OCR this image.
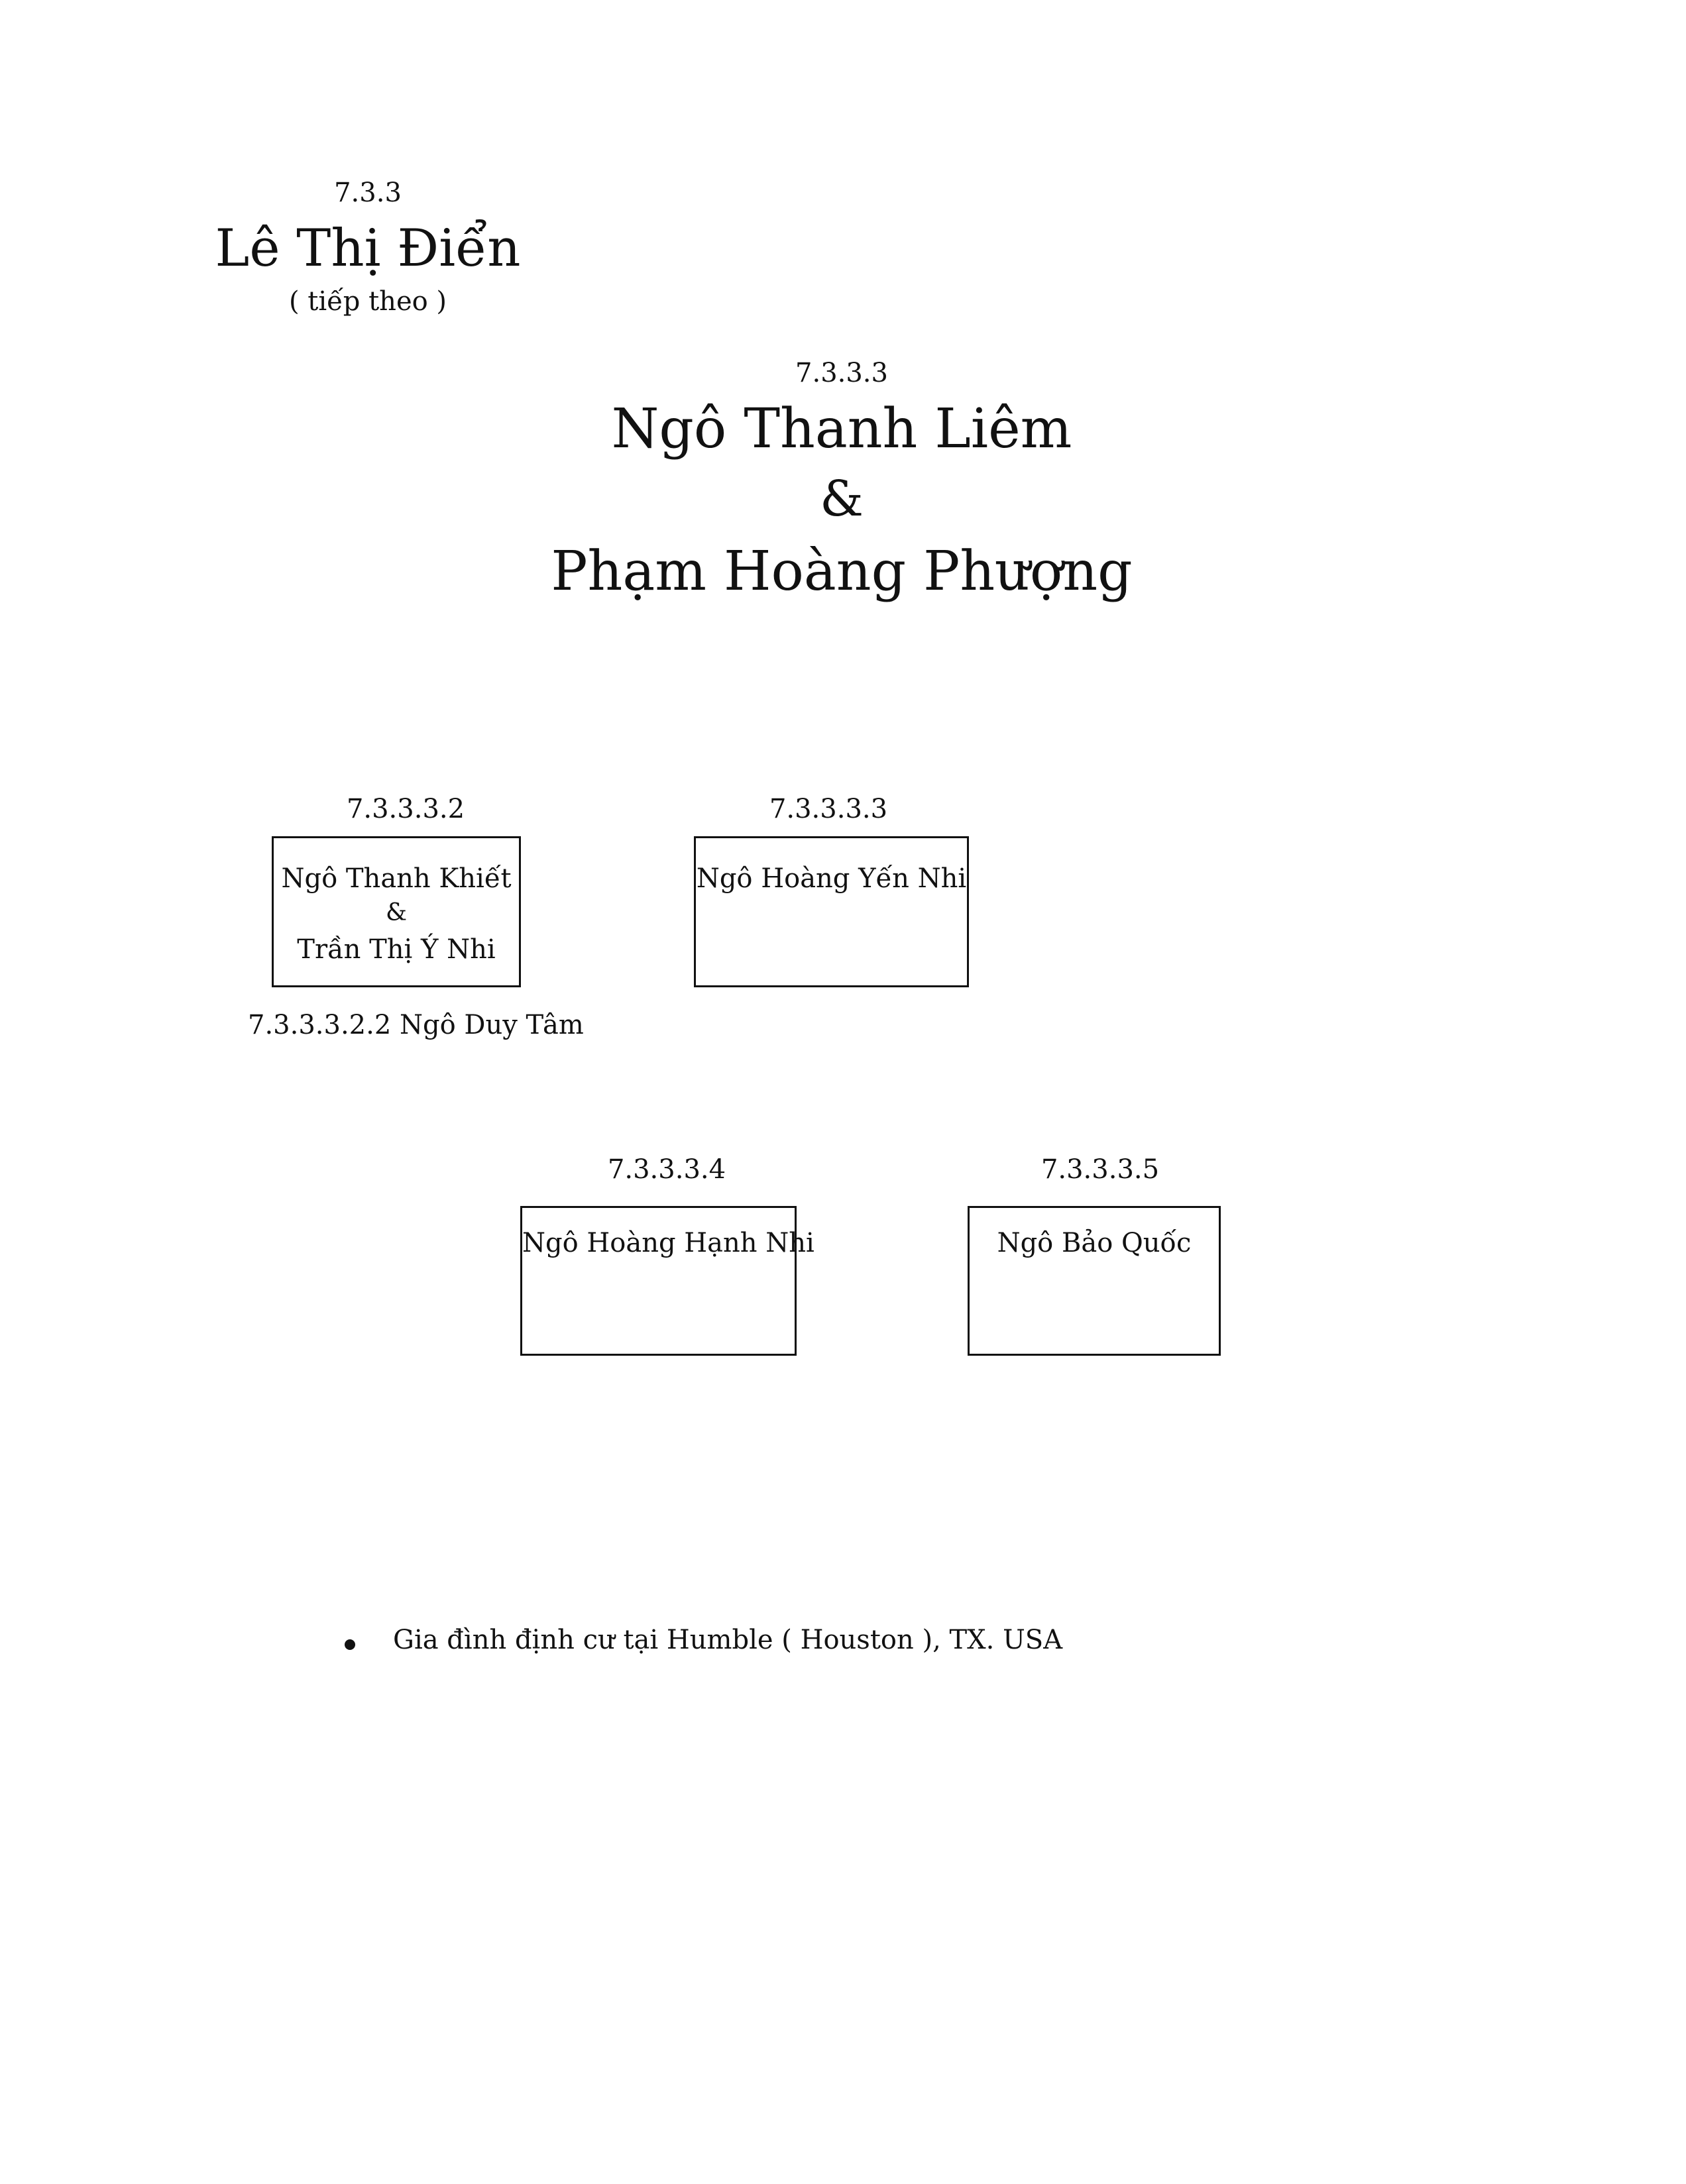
7.3.3
Lê Thị Điển
( tiếp theo )
7.3.3.3
Ngô Thanh Liêm
&
Phạm Hoàng Phượng
7.3.3.3.2
Ngô Thanh Khiết
&
Trần Thị Ý Nhi
7.3.3.3.2.2 Ngô Duy Tâm
7.3.3.3.3
Ngô Hoàng Yến Nhi
7.3.3.3.4
Ngô Hoàng Hạnh Nhi
7.3.3.3.5
Ngô Bảo Quốc
Gia đình định cư tại Humble ( Houston ), TX. USA
